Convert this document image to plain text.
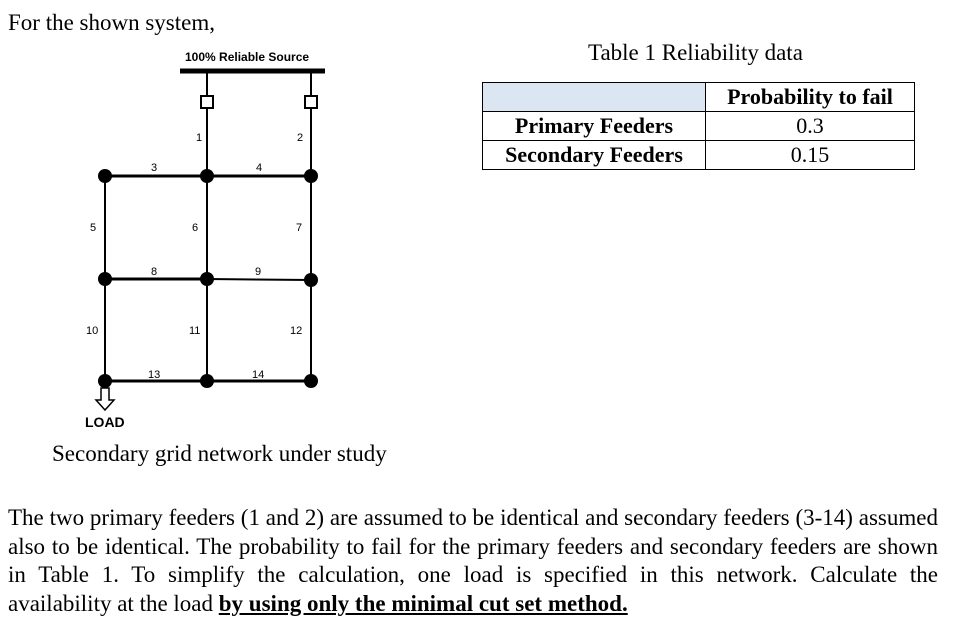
For the shown system,
100% Reliable Source
LOAD
1	2
3	4
5	6	7
8	9
10	11	12
13	14
Secondary grid network under study
Table 1 Reliability data
	Probability to fail
Primary Feeders	0.3
Secondary Feeders	0.15
The two primary feeders (1 and 2) are assumed to be identical and secondary feeders (3-14) assumed also to be identical. The probability to fail for the primary feeders and secondary feeders are shown in Table 1. To simplify the calculation, one load is specified in this network. Calculate the availability at the load by using only the minimal cut set method.
